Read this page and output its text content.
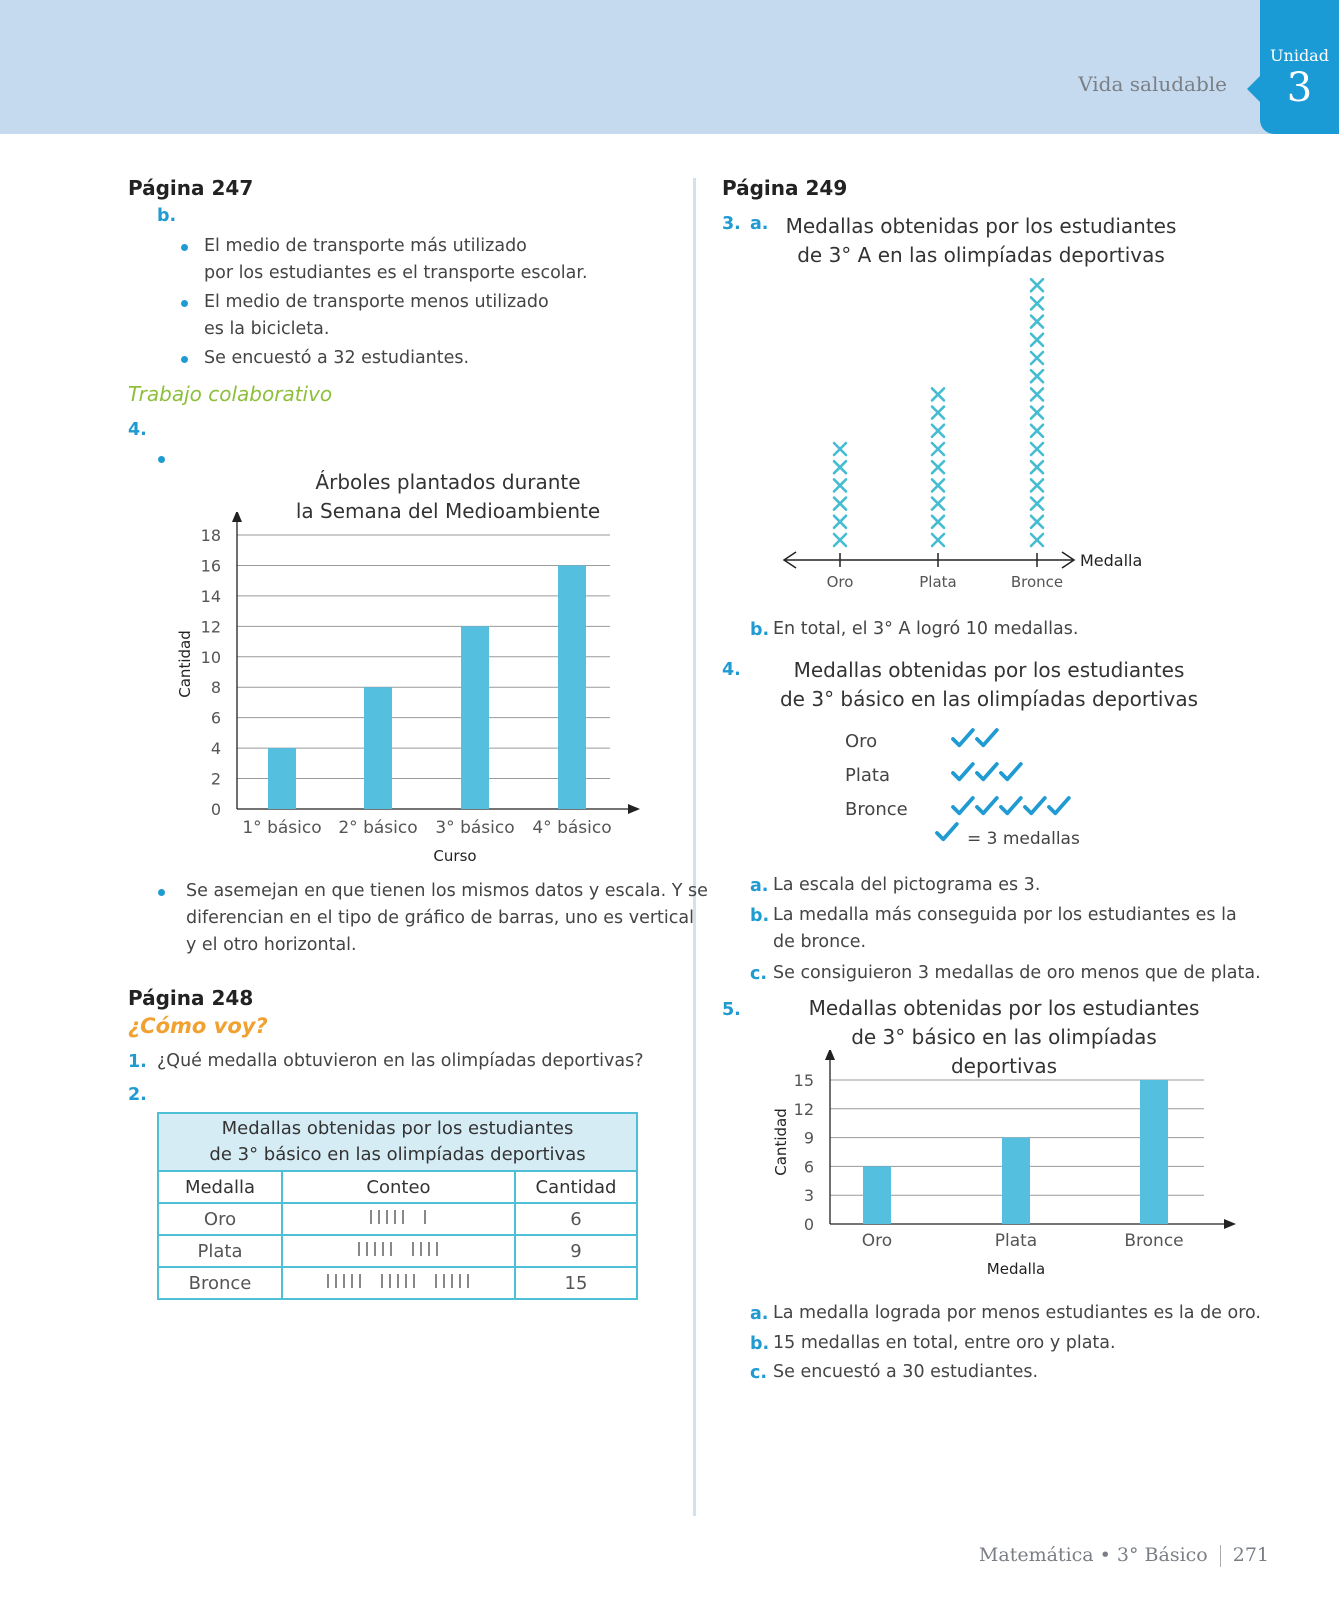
Vida saludable
Unidad
3
Página 247
b.
El medio de transporte más utilizado
por los estudiantes es el transporte escolar.
El medio de transporte menos utilizado
es la bicicleta.
Se encuestó a 32 estudiantes.
Trabajo colaborativo
4.
Árboles plantados durante
la Semana del Medioambiente
0
2
4
6
8
10
12
14
16
18
1° básico 2° básico 3° básico 4° básico
Curso
Cantidad
Se asemejan en que tienen los mismos datos y escala. Y se
diferencian en el tipo de gráfico de barras, uno es vertical
y el otro horizontal.
Página 248
¿Cómo voy?
1. ¿Qué medalla obtuvieron en las olimpíadas deportivas?
2.
Medallas obtenidas por los estudiantes
de 3° básico en las olimpíadas deportivas		

Medalla	Conteo	Cantidad
Oro		6
Plata		9
Bronce		15
Página 249
3. a. Medallas obtenidas por los estudiantes
de 3° A en las olimpíadas deportivas
Medalla
Oro	Plata	Bronce
b. En total, el 3° A logró 10 medallas.
4.	Medallas obtenidas por los estudiantes
de 3° básico en las olimpíadas deportivas
Oro
Plata
Bronce
= 3 medallas
a. La escala del pictograma es 3.
b. La medalla más conseguida por los estudiantes es la
de bronce.
c. Se consiguieron 3 medallas de oro menos que de plata.
5.	Medallas obtenidas por los estudiantes
de 3° básico en las olimpíadas deportivas
0
3
6
9
12
15
Oro	Plata	Bronce
Medalla
Cantidad
a. La medalla lograda por menos estudiantes es la de oro.
b. 15 medallas en total, entre oro y plata.
c. Se encuestó a 30 estudiantes.
Matemática • 3° Básico 271
